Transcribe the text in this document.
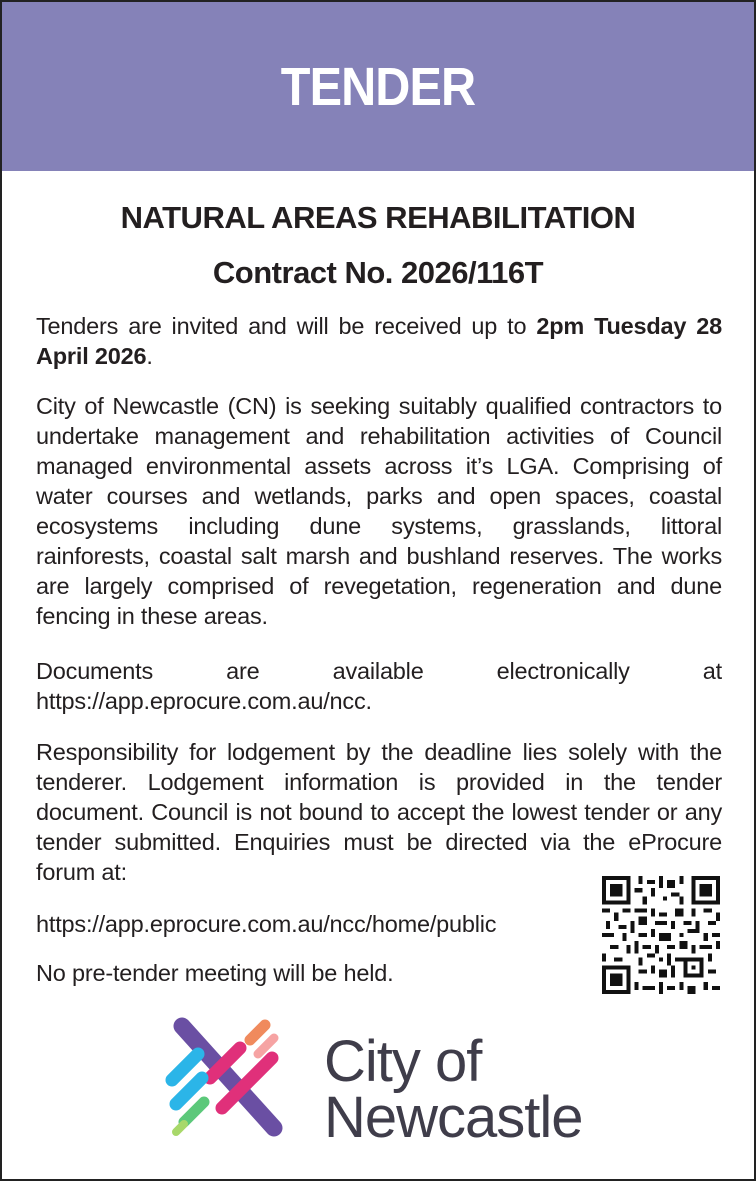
TENDER
NATURAL AREAS REHABILITATION
Contract No. 2026/116T

Tenders are invited and will be received up to 2pm Tuesday 28 April 2026.

City of Newcastle (CN) is seeking suitably qualified contractors to undertake management and rehabilitation activities of Council managed environmental assets across it’s LGA. Comprising of water courses and wetlands, parks and open spaces, coastal ecosystems including dune systems, grasslands, littoral rainforests, coastal salt marsh and bushland reserves. The works are largely comprised of revegetation, regeneration and dune fencing in these areas.

Documents are available electronically at https://app.eprocure.com.au/ncc.

Responsibility for lodgement by the deadline lies solely with the tenderer. Lodgement information is provided in the tender document. Council is not bound to accept the lowest tender or any tender submitted. Enquiries must be directed via the eProcure forum at:

https://app.eprocure.com.au/ncc/home/public

No pre-tender meeting will be held.

City of
Newcastle
